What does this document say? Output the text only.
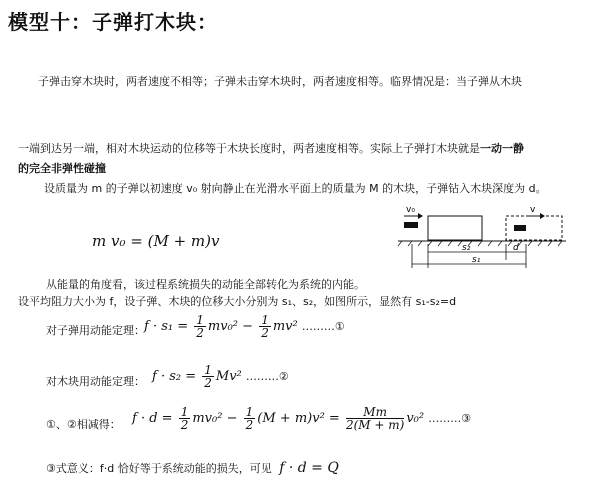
模型十：子弹打木块：
子弹击穿木块时，两者速度不相等；子弹未击穿木块时，两者速度相等。临界情况是：当子弹从木块
一端到达另一端，相对木块运动的位移等于木块长度时，两者速度相等。实际上子弹打木块就是一动一静
的完全非弹性碰撞
设质量为 m 的子弹以初速度 v₀ 射向静止在光滑水平面上的质量为 M 的木块，子弹钻入木块深度为 d。
m v₀ = (M + m)v
v₀	v
s₂	d
s₁
从能量的角度看，该过程系统损失的动能全部转化为系统的内能。
设平均阻力大小为 f，设子弹、木块的位移大小分别为 s₁、s₂，如图所示，显然有 s₁-s₂=d
对子弹用动能定理： $f \cdot s_1 = \frac{1}{2} mv_0^2 - \frac{1}{2} mv^2$ ………①
对木块用动能定理： $f \cdot s_2 = \frac{1}{2} Mv^2$ ………②
①、②相减得： $f \cdot d = \frac{1}{2} mv_0^2 - \frac{1}{2} (M + m)v^2 = \frac{Mm}{2(M + m)} v_0^2$ ………③
③式意义：f·d 恰好等于系统动能的损失，可见 f · d = Q
